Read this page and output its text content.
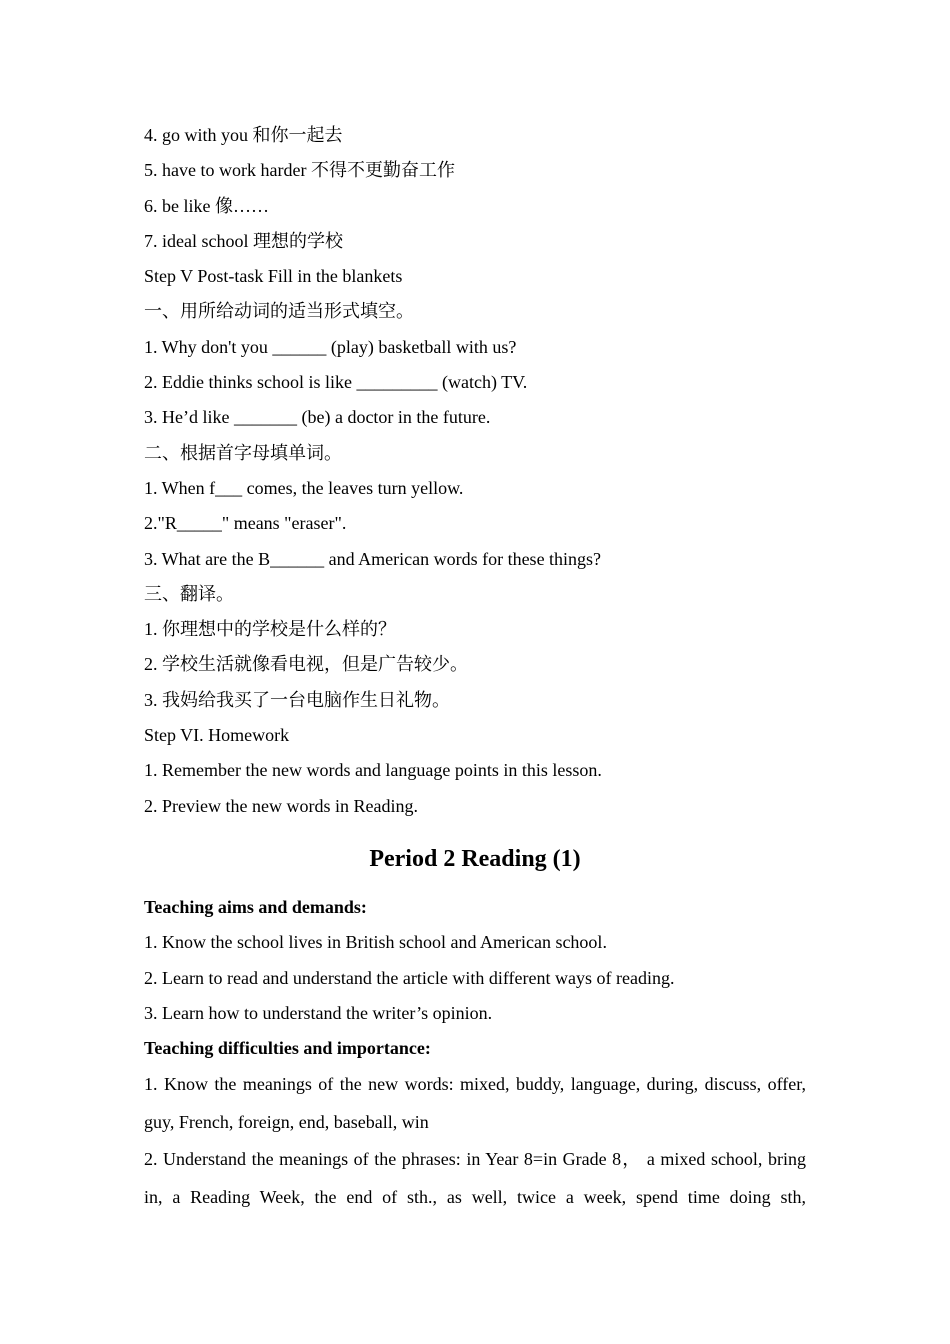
4. go with you 和你一起去
5. have to work harder 不得不更勤奋工作
6. be like 像……
7. ideal school 理想的学校
Step V Post-task Fill in the blankets
一、用所给动词的适当形式填空。
1. Why don't you ______ (play) basketball with us?
2. Eddie thinks school is like _________ (watch) TV.
3. He’d like _______ (be) a doctor in the future.
二、根据首字母填单词。
1. When f___ comes, the leaves turn yellow.
2."R_____" means "eraser".
3. What are the B______ and American words for these things?
三、翻译。
1. 你理想中的学校是什么样的？
2. 学校生活就像看电视，但是广告较少。
3. 我妈给我买了一台电脑作生日礼物。
Step VI. Homework
1. Remember the new words and language points in this lesson.
2. Preview the new words in Reading.
Period 2 Reading (1)
Teaching aims and demands:
1. Know the school lives in British school and American school.
2. Learn to read and understand the article with different ways of reading.
3. Learn how to understand the writer’s opinion.
Teaching difficulties and importance:
1. Know the meanings of the new words: mixed, buddy, language, during, discuss, offer, guy, French, foreign, end, baseball, win
2. Understand the meanings of the phrases: in Year 8=in Grade 8， a mixed school, bring in, a Reading Week, the end of sth., as well, twice a week, spend time doing sth,
